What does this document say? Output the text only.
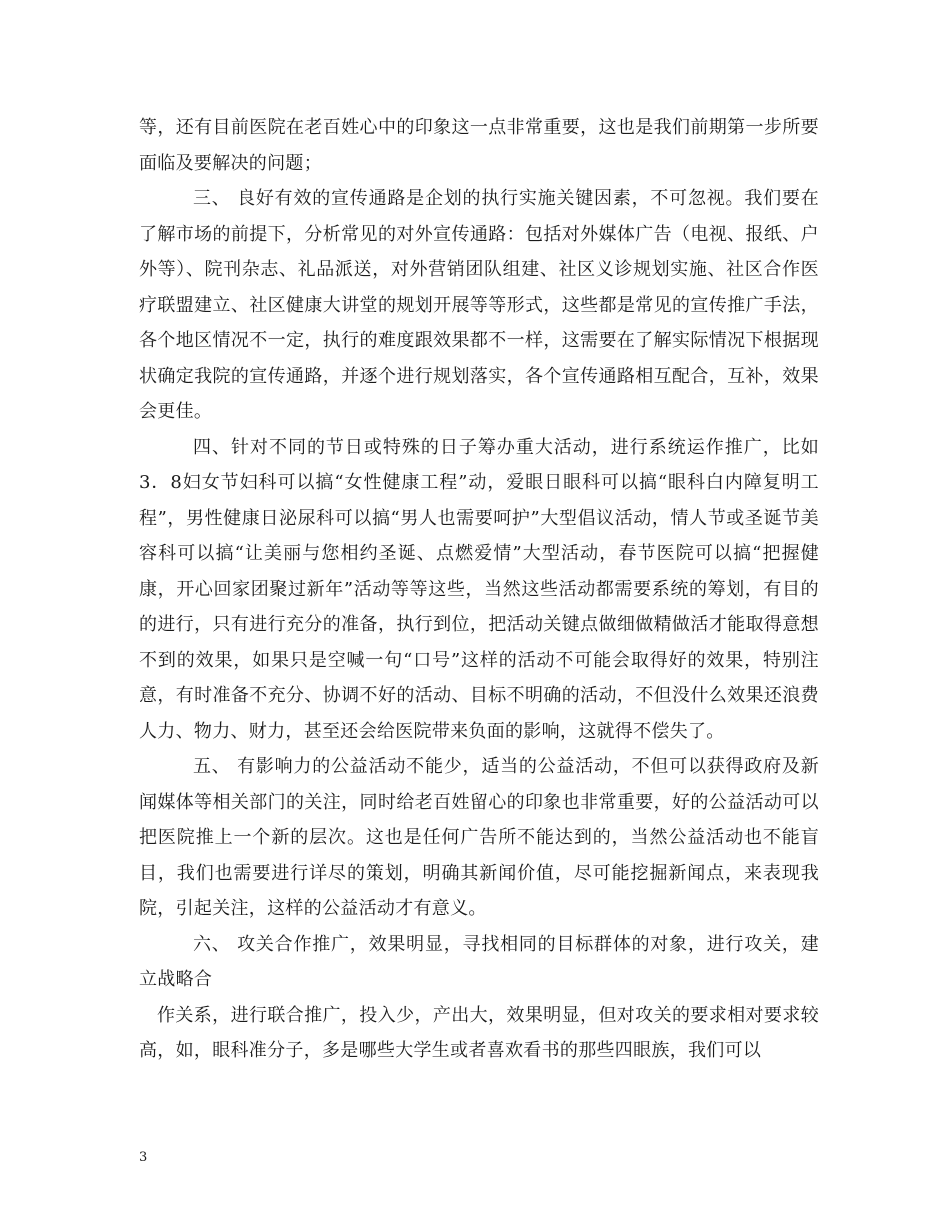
等，还有目前医院在老百姓心中的印象这一点非常重要，这也是我们前期第一步所要面临及要解决的问题；

三、 良好有效的宣传通路是企划的执行实施关键因素，不可忽视。我们要在了解市场的前提下，分析常见的对外宣传通路：包括对外媒体广告（电视、报纸、户外等）、院刊杂志、礼品派送，对外营销团队组建、社区义诊规划实施、社区合作医疗联盟建立、社区健康大讲堂的规划开展等等形式，这些都是常见的宣传推广手法，各个地区情况不一定，执行的难度跟效果都不一样，这需要在了解实际情况下根据现状确定我院的宣传通路，并逐个进行规划落实，各个宣传通路相互配合，互补，效果会更佳。

四、针对不同的节日或特殊的日子筹办重大活动，进行系统运作推广，比如3．8妇女节妇科可以搞“女性健康工程”动，爱眼日眼科可以搞“眼科白内障复明工程”，男性健康日泌尿科可以搞“男人也需要呵护”大型倡议活动，情人节或圣诞节美容科可以搞“让美丽与您相约圣诞、点燃爱情”大型活动，春节医院可以搞“把握健康，开心回家团聚过新年”活动等等这些，当然这些活动都需要系统的筹划，有目的的进行，只有进行充分的准备，执行到位，把活动关键点做细做精做活才能取得意想不到的效果，如果只是空喊一句“口号”这样的活动不可能会取得好的效果，特别注意，有时准备不充分、协调不好的活动、目标不明确的活动，不但没什么效果还浪费人力、物力、财力，甚至还会给医院带来负面的影响，这就得不偿失了。

五、 有影响力的公益活动不能少，适当的公益活动，不但可以获得政府及新闻媒体等相关部门的关注，同时给老百姓留心的印象也非常重要，好的公益活动可以把医院推上一个新的层次。这也是任何广告所不能达到的，当然公益活动也不能盲目，我们也需要进行详尽的策划，明确其新闻价值，尽可能挖掘新闻点，来表现我院，引起关注，这样的公益活动才有意义。

六、 攻关合作推广，效果明显，寻找相同的目标群体的对象，进行攻关，建立战略合

作关系，进行联合推广，投入少，产出大，效果明显，但对攻关的要求相对要求较高，如，眼科准分子，多是哪些大学生或者喜欢看书的那些四眼族，我们可以

3
